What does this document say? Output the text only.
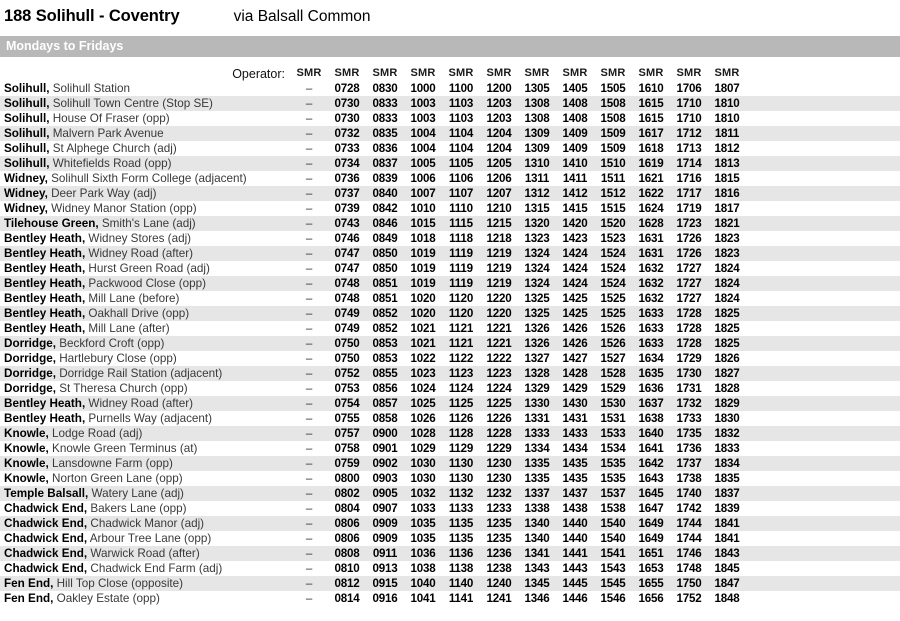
188 Solihull - Coventry	via Balsall Common
Mondays to Fridays
Operator:	SMR	SMR	SMR	SMR	SMR	SMR	SMR	SMR	SMR	SMR	SMR	SMR	
Solihull, Solihull Station	–	0728	0830	1000	1100	1200	1305	1405	1505	1610	1706	1807	
Solihull, Solihull Town Centre (Stop SE)	–	0730	0833	1003	1103	1203	1308	1408	1508	1615	1710	1810	
Solihull, House Of Fraser (opp)	–	0730	0833	1003	1103	1203	1308	1408	1508	1615	1710	1810	
Solihull, Malvern Park Avenue	–	0732	0835	1004	1104	1204	1309	1409	1509	1617	1712	1811	
Solihull, St Alphege Church (adj)	–	0733	0836	1004	1104	1204	1309	1409	1509	1618	1713	1812	
Solihull, Whitefields Road (opp)	–	0734	0837	1005	1105	1205	1310	1410	1510	1619	1714	1813	
Widney, Solihull Sixth Form College (adjacent)	–	0736	0839	1006	1106	1206	1311	1411	1511	1621	1716	1815	
Widney, Deer Park Way (adj)	–	0737	0840	1007	1107	1207	1312	1412	1512	1622	1717	1816	
Widney, Widney Manor Station (opp)	–	0739	0842	1010	1110	1210	1315	1415	1515	1624	1719	1817	
Tilehouse Green, Smith's Lane (adj)	–	0743	0846	1015	1115	1215	1320	1420	1520	1628	1723	1821	
Bentley Heath, Widney Stores (adj)	–	0746	0849	1018	1118	1218	1323	1423	1523	1631	1726	1823	
Bentley Heath, Widney Road (after)	–	0747	0850	1019	1119	1219	1324	1424	1524	1631	1726	1823	
Bentley Heath, Hurst Green Road (adj)	–	0747	0850	1019	1119	1219	1324	1424	1524	1632	1727	1824	
Bentley Heath, Packwood Close (opp)	–	0748	0851	1019	1119	1219	1324	1424	1524	1632	1727	1824	
Bentley Heath, Mill Lane (before)	–	0748	0851	1020	1120	1220	1325	1425	1525	1632	1727	1824	
Bentley Heath, Oakhall Drive (opp)	–	0749	0852	1020	1120	1220	1325	1425	1525	1633	1728	1825	
Bentley Heath, Mill Lane (after)	–	0749	0852	1021	1121	1221	1326	1426	1526	1633	1728	1825	
Dorridge, Beckford Croft (opp)	–	0750	0853	1021	1121	1221	1326	1426	1526	1633	1728	1825	
Dorridge, Hartlebury Close (opp)	–	0750	0853	1022	1122	1222	1327	1427	1527	1634	1729	1826	
Dorridge, Dorridge Rail Station (adjacent)	–	0752	0855	1023	1123	1223	1328	1428	1528	1635	1730	1827	
Dorridge, St Theresa Church (opp)	–	0753	0856	1024	1124	1224	1329	1429	1529	1636	1731	1828	
Bentley Heath, Widney Road (after)	–	0754	0857	1025	1125	1225	1330	1430	1530	1637	1732	1829	
Bentley Heath, Purnells Way (adjacent)	–	0755	0858	1026	1126	1226	1331	1431	1531	1638	1733	1830	
Knowle, Lodge Road (adj)	–	0757	0900	1028	1128	1228	1333	1433	1533	1640	1735	1832	
Knowle, Knowle Green Terminus (at)	–	0758	0901	1029	1129	1229	1334	1434	1534	1641	1736	1833	
Knowle, Lansdowne Farm (opp)	–	0759	0902	1030	1130	1230	1335	1435	1535	1642	1737	1834	
Knowle, Norton Green Lane (opp)	–	0800	0903	1030	1130	1230	1335	1435	1535	1643	1738	1835	
Temple Balsall, Watery Lane (adj)	–	0802	0905	1032	1132	1232	1337	1437	1537	1645	1740	1837	
Chadwick End, Bakers Lane (opp)	–	0804	0907	1033	1133	1233	1338	1438	1538	1647	1742	1839	
Chadwick End, Chadwick Manor (adj)	–	0806	0909	1035	1135	1235	1340	1440	1540	1649	1744	1841	
Chadwick End, Arbour Tree Lane (opp)	–	0806	0909	1035	1135	1235	1340	1440	1540	1649	1744	1841	
Chadwick End, Warwick Road (after)	–	0808	0911	1036	1136	1236	1341	1441	1541	1651	1746	1843	
Chadwick End, Chadwick End Farm (adj)	–	0810	0913	1038	1138	1238	1343	1443	1543	1653	1748	1845	
Fen End, Hill Top Close (opposite)	–	0812	0915	1040	1140	1240	1345	1445	1545	1655	1750	1847	
Fen End, Oakley Estate (opp)	–	0814	0916	1041	1141	1241	1346	1446	1546	1656	1752	1848	
